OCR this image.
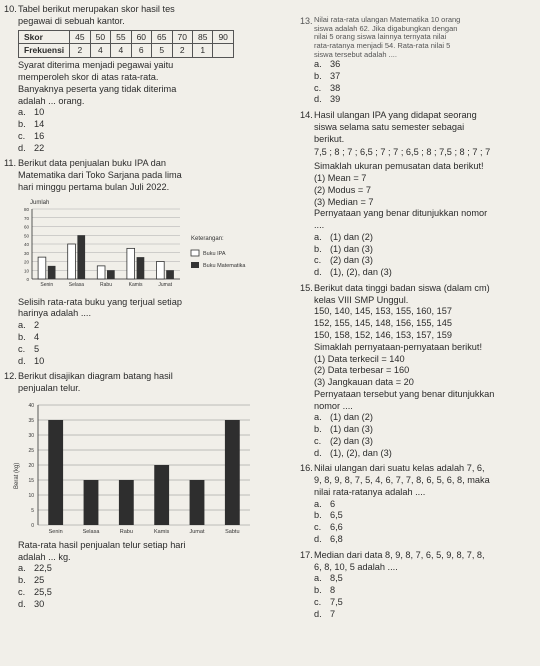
10. Tabel berikut merupakan skor hasil tes
pegawai di sebuah kantor.
Skor	45	50	55	60	65	70	85	90
Frekuensi	2	4	4	6	5	2	1	
Syarat diterima menjadi pegawai yaitu
memperoleh skor di atas rata-rata.
Banyaknya peserta yang tidak diterima
adalah ... orang.
a. 10
b. 14
c. 16
d. 22
11. Berikut data penjualan buku IPA dan
Matematika dari Toko Sarjana pada lima
hari minggu pertama bulan Juli 2022.
Jumlah
0
10
20
30
40
50
60
70
80
Senin	Selasa	Rabu	Kamis	Jumat
Keterangan:
Buku IPA
Buku Matematika
Selisih rata-rata buku yang terjual setiap
harinya adalah ....
a. 2
b. 4
c. 5
d. 10
12. Berikut disajikan diagram batang hasil
penjualan telur.
Berat (kg)
0
5
10
15
20
25
30
35
40
Senin	Selasa	Rabu	Kamis	Jumat	Sabtu
Rata-rata hasil penjualan telur setiap hari
adalah ... kg.
a. 22,5
b. 25
c. 25,5
d. 30
13. Nilai rata-rata ulangan Matematika 10 orang
siswa adalah 62. Jika digabungkan dengan
nilai 5 orang siswa lainnya ternyata nilai
rata-ratanya menjadi 54. Rata-rata nilai 5
siswa tersebut adalah ....
a. 36
b. 37
c. 38
d. 39
14. Hasil ulangan IPA yang didapat seorang
siswa selama satu semester sebagai
berikut.
7,5 ; 8 ; 7 ; 6,5 ; 7 ; 7 ; 6,5 ; 8 ; 7,5 ; 8 ; 7 ; 7
Simaklah ukuran pemusatan data berikut!
(1) Mean = 7
(2) Modus = 7
(3) Median = 7
Pernyataan yang benar ditunjukkan nomor
....
a. (1) dan (2)
b. (1) dan (3)
c. (2) dan (3)
d. (1), (2), dan (3)
15. Berikut data tinggi badan siswa (dalam cm)
kelas VIII SMP Unggul.
150, 140, 145, 153, 155, 160, 157
152, 155, 145, 148, 156, 155, 145
150, 158, 152, 146, 153, 157, 159
Simaklah pernyataan-pernyataan berikut!
(1) Data terkecil = 140
(2) Data terbesar = 160
(3) Jangkauan data = 20
Pernyataan tersebut yang benar ditunjukkan
nomor ....
a. (1) dan (2)
b. (1) dan (3)
c. (2) dan (3)
d. (1), (2), dan (3)
16. Nilai ulangan dari suatu kelas adalah 7, 6,
9, 8, 9, 8, 7, 5, 4, 6, 7, 7, 8, 6, 5, 6, 8, maka
nilai rata-ratanya adalah ....
a. 6
b. 6,5
c. 6,6
d. 6,8
17. Median dari data 8, 9, 8, 7, 6, 5, 9, 8, 7, 8,
6, 8, 10, 5 adalah ....
a. 8,5
b. 8
c. 7,5
d. 7
